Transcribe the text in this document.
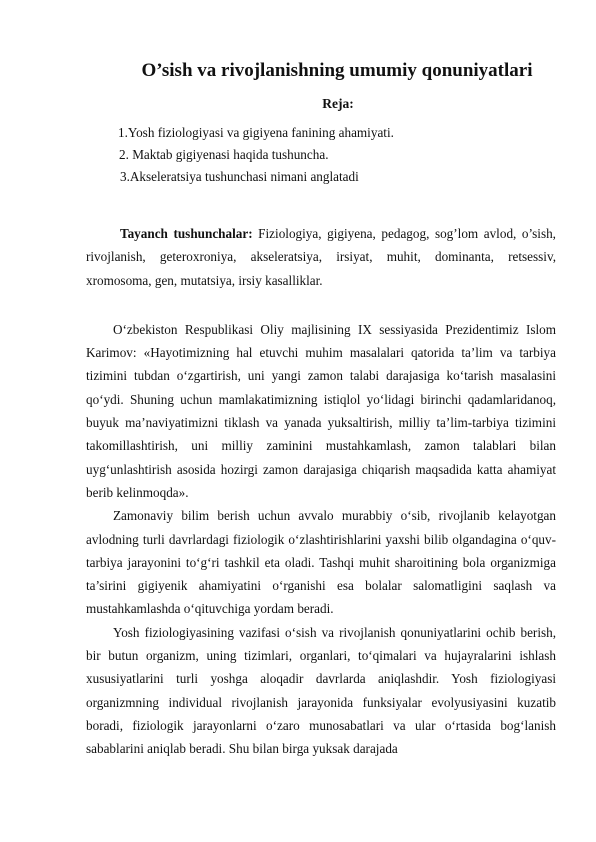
O’sish va rivojlanishning umumiy qonuniyatlari
Reja:
1.Yosh fiziologiyasi va gigiyena fanining ahamiyati.
2. Maktab gigiyenasi haqida tushuncha.
3.Akseleratsiya tushunchasi nimani anglatadi

Tayanch tushunchalar: Fiziologiya, gigiyena, pedagog, sog’lom avlod, o’sish, rivojlanish, geteroxroniya, akseleratsiya, irsiyat, muhit, dominanta, retsessiv, xromosoma, gen, mutatsiya, irsiy kasalliklar.

O‘zbekiston Respublikasi Oliy majlisining IX sessiyasida Prezidentimiz Islom Karimov: «Hayotimizning hal etuvchi muhim masalalari qatorida ta’lim va tarbiya tizimini tubdan o‘zgartirish, uni yangi zamon talabi darajasiga ko‘tarish masalasini qo‘ydi. Shuning uchun mamlakatimizning istiqlol yo‘lidagi birinchi qadamlaridanoq, buyuk ma’naviyatimizni tiklash va yanada yuksaltirish, milliy ta’lim-tarbiya tizimini takomillashtirish, uni milliy zaminini mustahkamlash, zamon talablari bilan uyg‘unlashtirish asosida hozirgi zamon darajasiga chiqarish maqsadida katta ahamiyat berib kelinmoqda».

Zamonaviy bilim berish uchun avvalo murabbiy o‘sib, rivojlanib kelayotgan avlodning turli davrlardagi fiziologik o‘zlashtirishlarini yaxshi bilib olgandagina o‘quv-tarbiya jarayonini to‘g‘ri tashkil eta oladi. Tashqi muhit sharoitining bola organizmiga ta’sirini gigiyenik ahamiyatini o‘rganishi esa bolalar salomatligini saqlash va mustahkamlashda o‘qituvchiga yordam beradi.

Yosh fiziologiyasining vazifasi o‘sish va rivojlanish qonuniyatlarini ochib berish, bir butun organizm, uning tizimlari, organlari, to‘qimalari va hujayralarini ishlash xususiyatlarini turli yoshga aloqadir davrlarda aniqlashdir. Yosh fiziologiyasi organizmning individual rivojlanish jarayonida funksiyalar evolyusiyasini kuzatib boradi, fiziologik jarayonlarni o‘zaro munosabatlari va ular o‘rtasida bog‘lanish sabablarini aniqlab beradi. Shu bilan birga yuksak darajada
